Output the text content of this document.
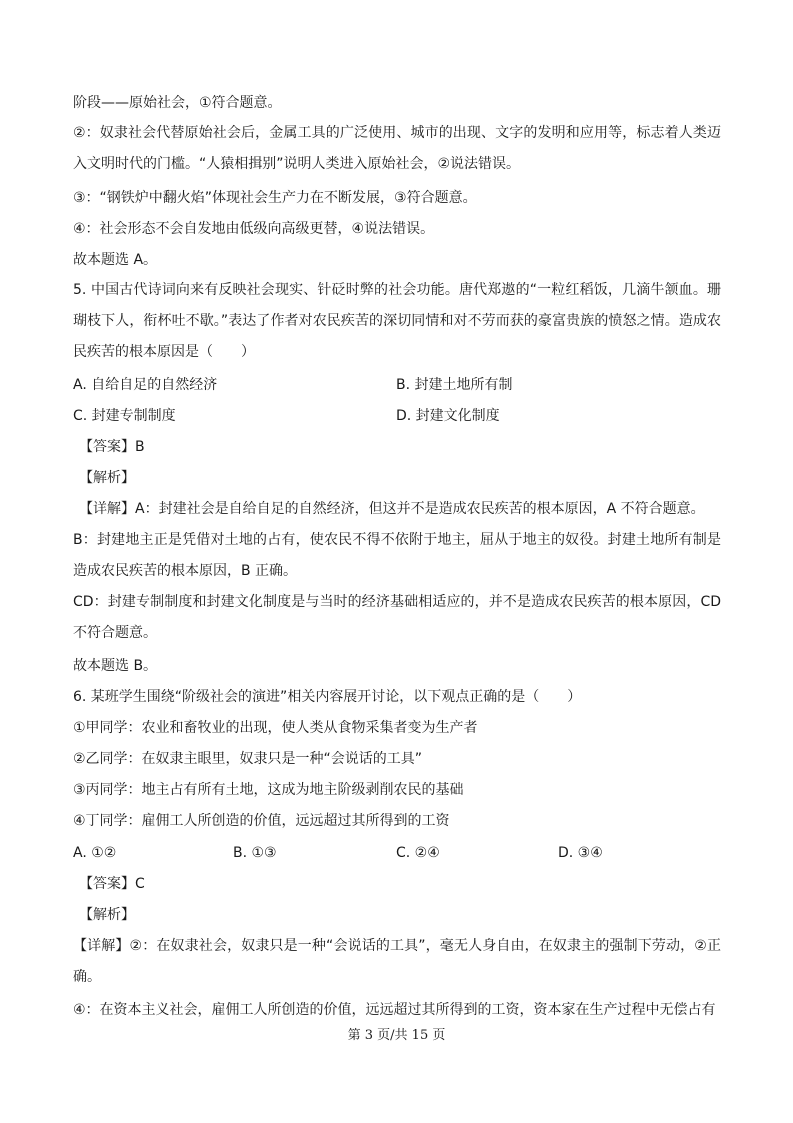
阶段——原始社会，①符合题意。
②：奴隶社会代替原始社会后，金属工具的广泛使用、城市的出现、文字的发明和应用等，标志着人类迈入文明时代的门槛。“人猿相揖别”说明人类进入原始社会，②说法错误。
③：“钢铁炉中翻火焰”体现社会生产力在不断发展，③符合题意。
④：社会形态不会自发地由低级向高级更替，④说法错误。
故本题选 A。
5. 中国古代诗词向来有反映社会现实、针砭时弊的社会功能。唐代郑遨的“一粒红稻饭，几滴牛颔血。珊瑚枝下人，衔杯吐不歇。”表达了作者对农民疾苦的深切同情和对不劳而获的豪富贵族的愤怒之情。造成农民疾苦的根本原因是（　　）
A. 自给自足的自然经济	B. 封建土地所有制
C. 封建专制制度	D. 封建文化制度
【答案】B
【解析】
【详解】A：封建社会是自给自足的自然经济，但这并不是造成农民疾苦的根本原因，A 不符合题意。
B：封建地主正是凭借对土地的占有，使农民不得不依附于地主，屈从于地主的奴役。封建土地所有制是造成农民疾苦的根本原因，B 正确。
CD：封建专制制度和封建文化制度是与当时的经济基础相适应的，并不是造成农民疾苦的根本原因，CD 不符合题意。
故本题选 B。
6. 某班学生围绕“阶级社会的演进”相关内容展开讨论，以下观点正确的是（　　）
①甲同学：农业和畜牧业的出现，使人类从食物采集者变为生产者
②乙同学：在奴隶主眼里，奴隶只是一种“会说话的工具”
③丙同学：地主占有所有土地，这成为地主阶级剥削农民的基础
④丁同学：雇佣工人所创造的价值，远远超过其所得到的工资
A. ①②	B. ①③	C. ②④	D. ③④
【答案】C
【解析】
【详解】②：在奴隶社会，奴隶只是一种“会说话的工具”，毫无人身自由，在奴隶主的强制下劳动，②正确。
④：在资本主义社会，雇佣工人所创造的价值，远远超过其所得到的工资，资本家在生产过程中无偿占有
第 3 页/共 15 页
